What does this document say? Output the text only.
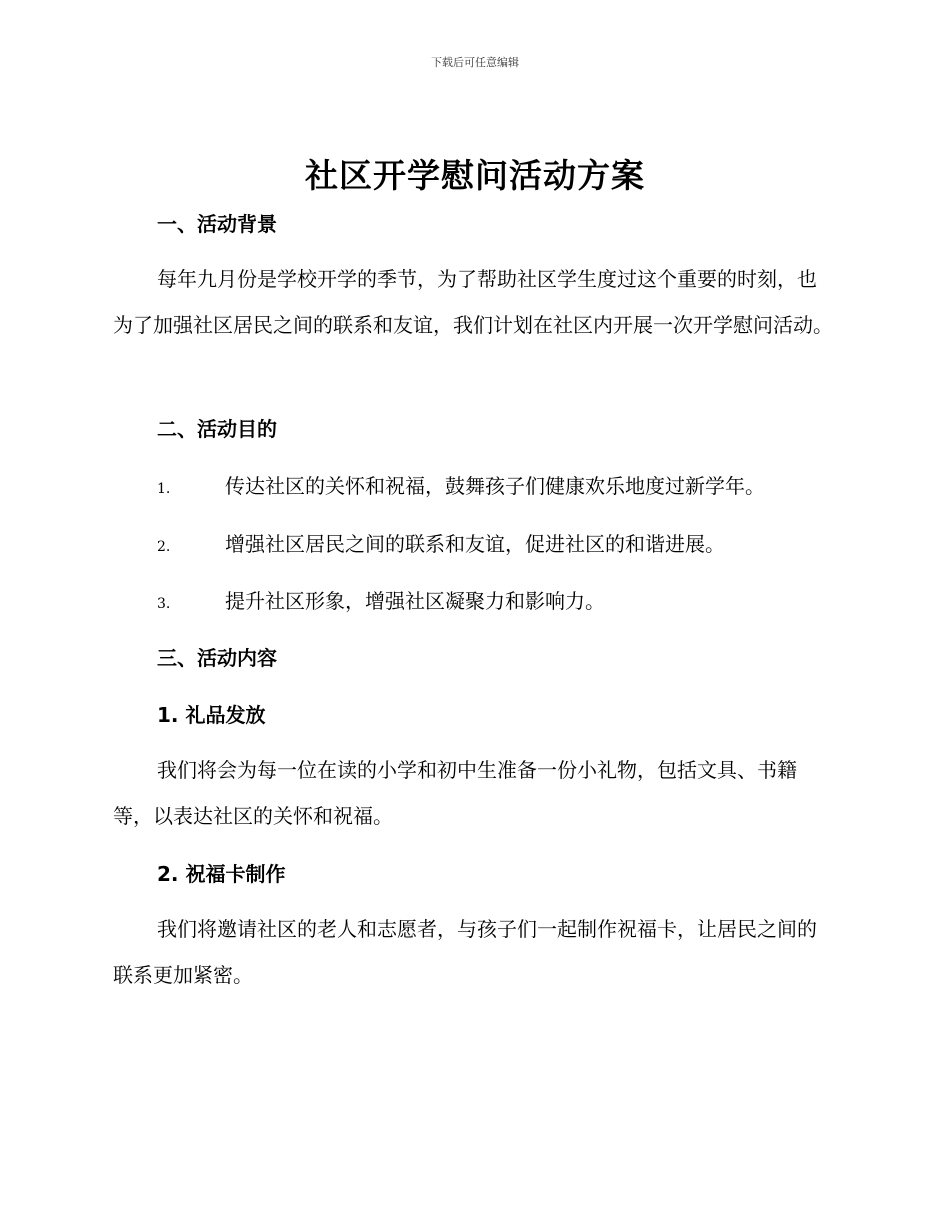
下载后可任意编辑
社区开学慰问活动方案
一、活动背景

每年九月份是学校开学的季节，为了帮助社区学生度过这个重要的时刻，也为了加强社区居民之间的联系和友谊，我们计划在社区内开展一次开学慰问活动。

二、活动目的
1.	传达社区的关怀和祝福，鼓舞孩子们健康欢乐地度过新学年。
2.	增强社区居民之间的联系和友谊，促进社区的和谐进展。
3.	提升社区形象，增强社区凝聚力和影响力。
三、活动内容
1. 礼品发放

我们将会为每一位在读的小学和初中生准备一份小礼物，包括文具、书籍等，以表达社区的关怀和祝福。

2. 祝福卡制作

我们将邀请社区的老人和志愿者，与孩子们一起制作祝福卡，让居民之间的联系更加紧密。
